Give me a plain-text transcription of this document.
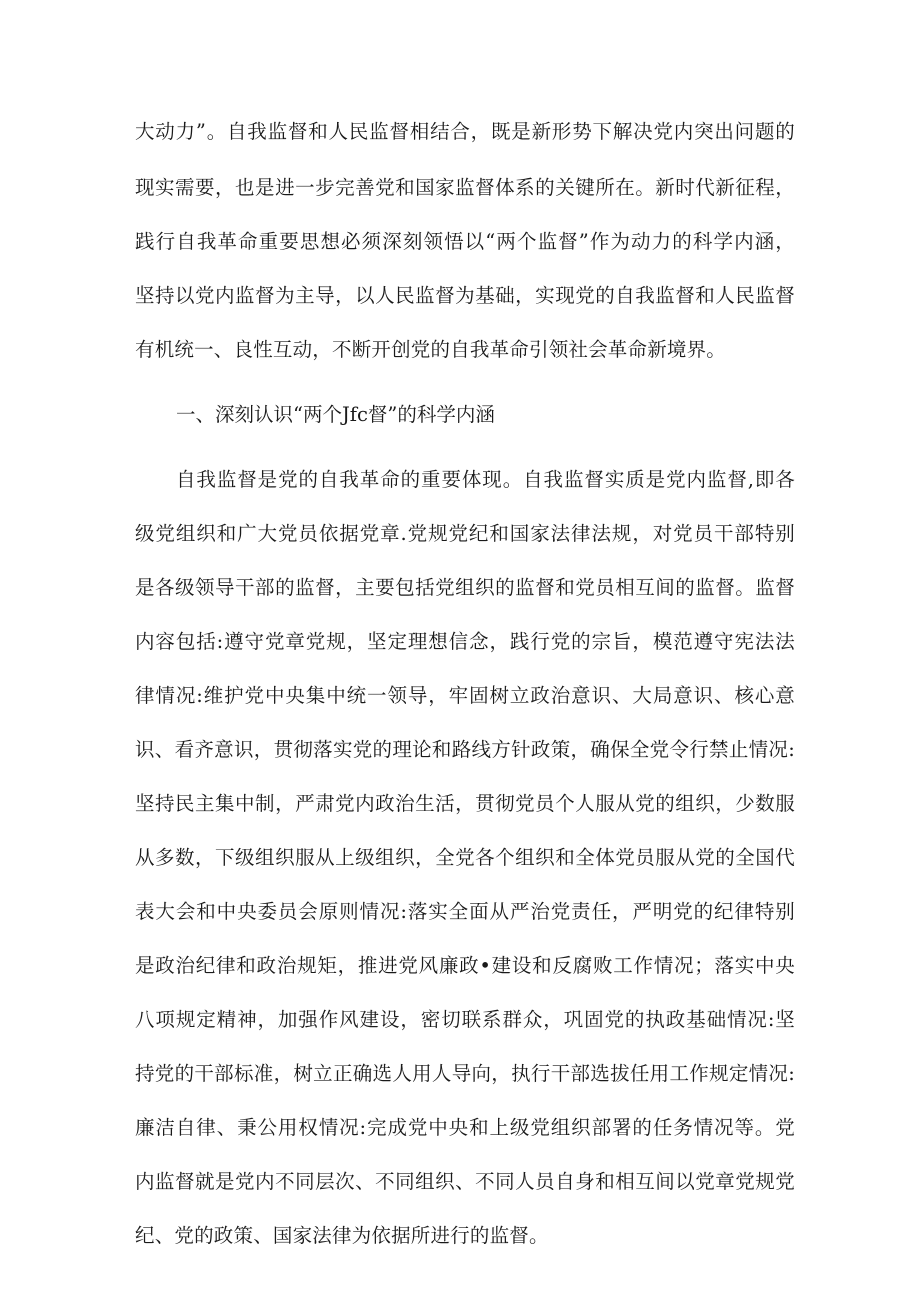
大动力”。自我监督和人民监督相结合，既是新形势下解决党内突出问题的
现实需要，也是进一步完善党和国家监督体系的关键所在。新时代新征程，
践行自我革命重要思想必须深刻领悟以“两个监督”作为动力的科学内涵，
坚持以党内监督为主导，以人民监督为基础，实现党的自我监督和人民监督
有机统一、良性互动，不断开创党的自我革命引领社会革命新境界。
一、深刻认识“两个Jfc督”的科学内涵
自我监督是党的自我革命的重要体现。自我监督实质是党内监督,即各
级党组织和广大党员依据党章.党规党纪和国家法律法规，对党员干部特别
是各级领导干部的监督，主要包括党组织的监督和党员相互间的监督。监督
内容包括:遵守党章党规，坚定理想信念，践行党的宗旨，模范遵守宪法法
律情况:维护党中央集中统一领导，牢固树立政治意识、大局意识、核心意
识、看齐意识，贯彻落实党的理论和路线方针政策，确保全党令行禁止情况:
坚持民主集中制，严肃党内政治生活，贯彻党员个人服从党的组织，少数服
从多数，下级组织服从上级组织，全党各个组织和全体党员服从党的全国代
表大会和中央委员会原则情况:落实全面从严治党责任，严明党的纪律特别
是政治纪律和政治规矩，推进党风廉政•建设和反腐败工作情况；落实中央
八项规定精神，加强作风建设，密切联系群众，巩固党的执政基础情况:坚
持党的干部标准，树立正确选人用人导向，执行干部选拔任用工作规定情况:
廉洁自律、秉公用权情况:完成党中央和上级党组织部署的任务情况等。党
内监督就是党内不同层次、不同组织、不同人员自身和相互间以党章党规党
纪、党的政策、国家法律为依据所进行的监督。
